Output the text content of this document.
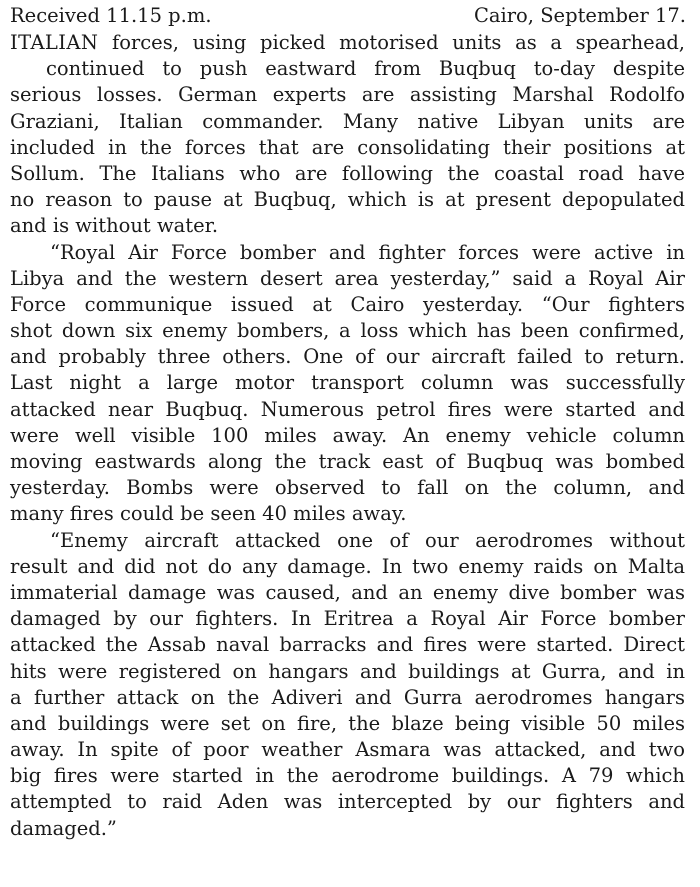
Received 11.15 p.m.	Cairo, September 17.
ITALIAN forces, using picked motorised units as a spearhead,
continued to push eastward from Buqbuq to-day despite
serious losses. German experts are assisting Marshal Rodolfo
Graziani, Italian commander. Many native Libyan units are
included in the forces that are consolidating their positions at
Sollum. The Italians who are following the coastal road have
no reason to pause at Buqbuq, which is at present depopulated
and is without water.
“Royal Air Force bomber and fighter forces were active in
Libya and the western desert area yesterday,” said a Royal Air
Force communique issued at Cairo yesterday. “Our fighters
shot down six enemy bombers, a loss which has been confirmed,
and probably three others. One of our aircraft failed to return.
Last night a large motor transport column was successfully
attacked near Buqbuq. Numerous petrol fires were started and
were well visible 100 miles away. An enemy vehicle column
moving eastwards along the track east of Buqbuq was bombed
yesterday. Bombs were observed to fall on the column, and
many fires could be seen 40 miles away.
“Enemy aircraft attacked one of our aerodromes without
result and did not do any damage. In two enemy raids on Malta
immaterial damage was caused, and an enemy dive bomber was
damaged by our fighters. In Eritrea a Royal Air Force bomber
attacked the Assab naval barracks and fires were started. Direct
hits were registered on hangars and buildings at Gurra, and in
a further attack on the Adiveri and Gurra aerodromes hangars
and buildings were set on fire, the blaze being visible 50 miles
away. In spite of poor weather Asmara was attacked, and two
big fires were started in the aerodrome buildings. A 79 which
attempted to raid Aden was intercepted by our fighters and
damaged.”
